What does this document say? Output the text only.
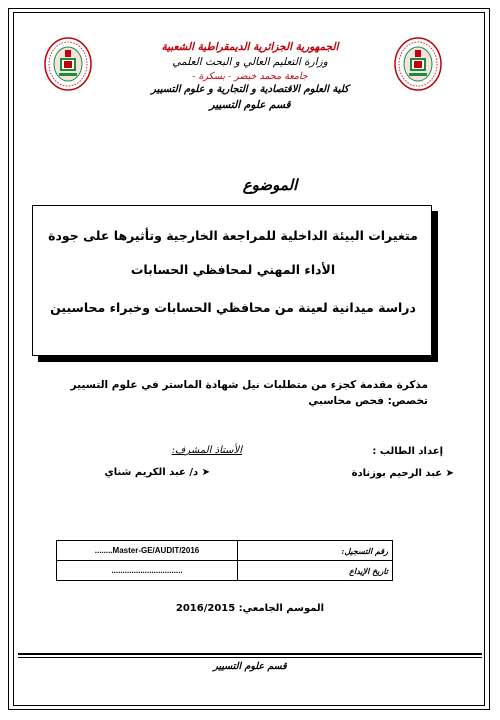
الجمهورية الجزائرية الديمقراطية الشعبية
وزارة التعليم العالي و البحث العلمي
جامعة محمد خيضر - بسكرة -
كلية العلوم الاقتصادية و التجارية و علوم التسيير
قسم علوم التسيير
الموضوع
متغيرات البيئة الداخلية للمراجعة الخارجية وتأثيرها على جودة
الأداء المهني لمحافظي الحسابات
دراسة ميدانية لعينة من محافظي الحسابات وخبراء محاسبين
مذكرة مقدمة كجزء من متطلبات نيل شهادة الماستر في علوم التسيير
تخصص: فحص محاسبي
إعداد الطالب :
➤ عبد الرحيم بوزنادة
الأستاذ المشرف:
➤ د/ عبد الكريم شناي
........Master-GE/AUDIT/2016	رقم التسجيل:
................................	تاريخ الإيداع
الموسم الجامعي: 2016/2015
قسم علوم التسيير
